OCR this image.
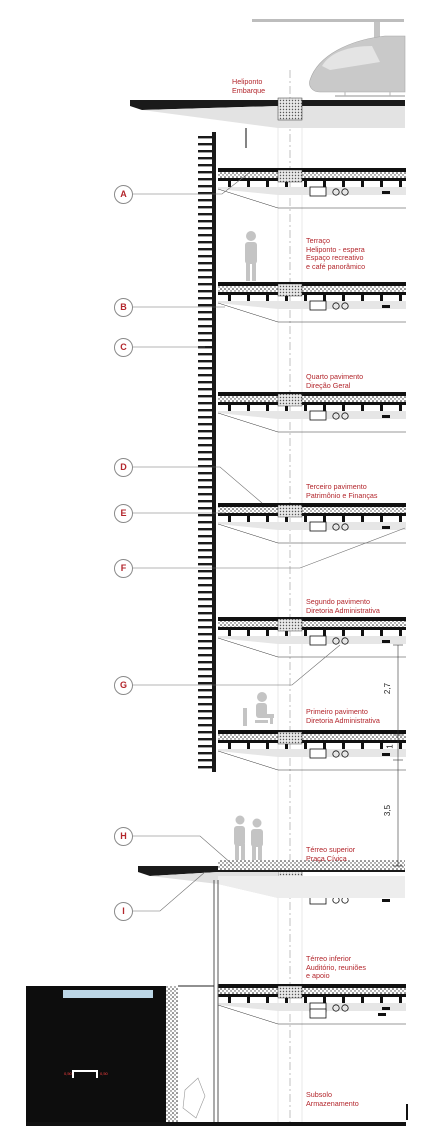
Heliponto
Embarque
Terraço
Heliponto - espera
Espaço recreativo
e café panorâmico
Quarto pavimento
Direção Geral
Terceiro pavimento
Patrimônio e Finanças
Segundo pavimento
Diretoria Administrativa
Primeiro pavimento
Diretoria Administrativa
Térreo superior
Praça Cívica
Térreo inferior
Auditório, reuniões
e apoio
Subsolo
Armazenamento
A
B
C
D
E
F
G
H
I
2,7
1
3,5
0,50	0,50
